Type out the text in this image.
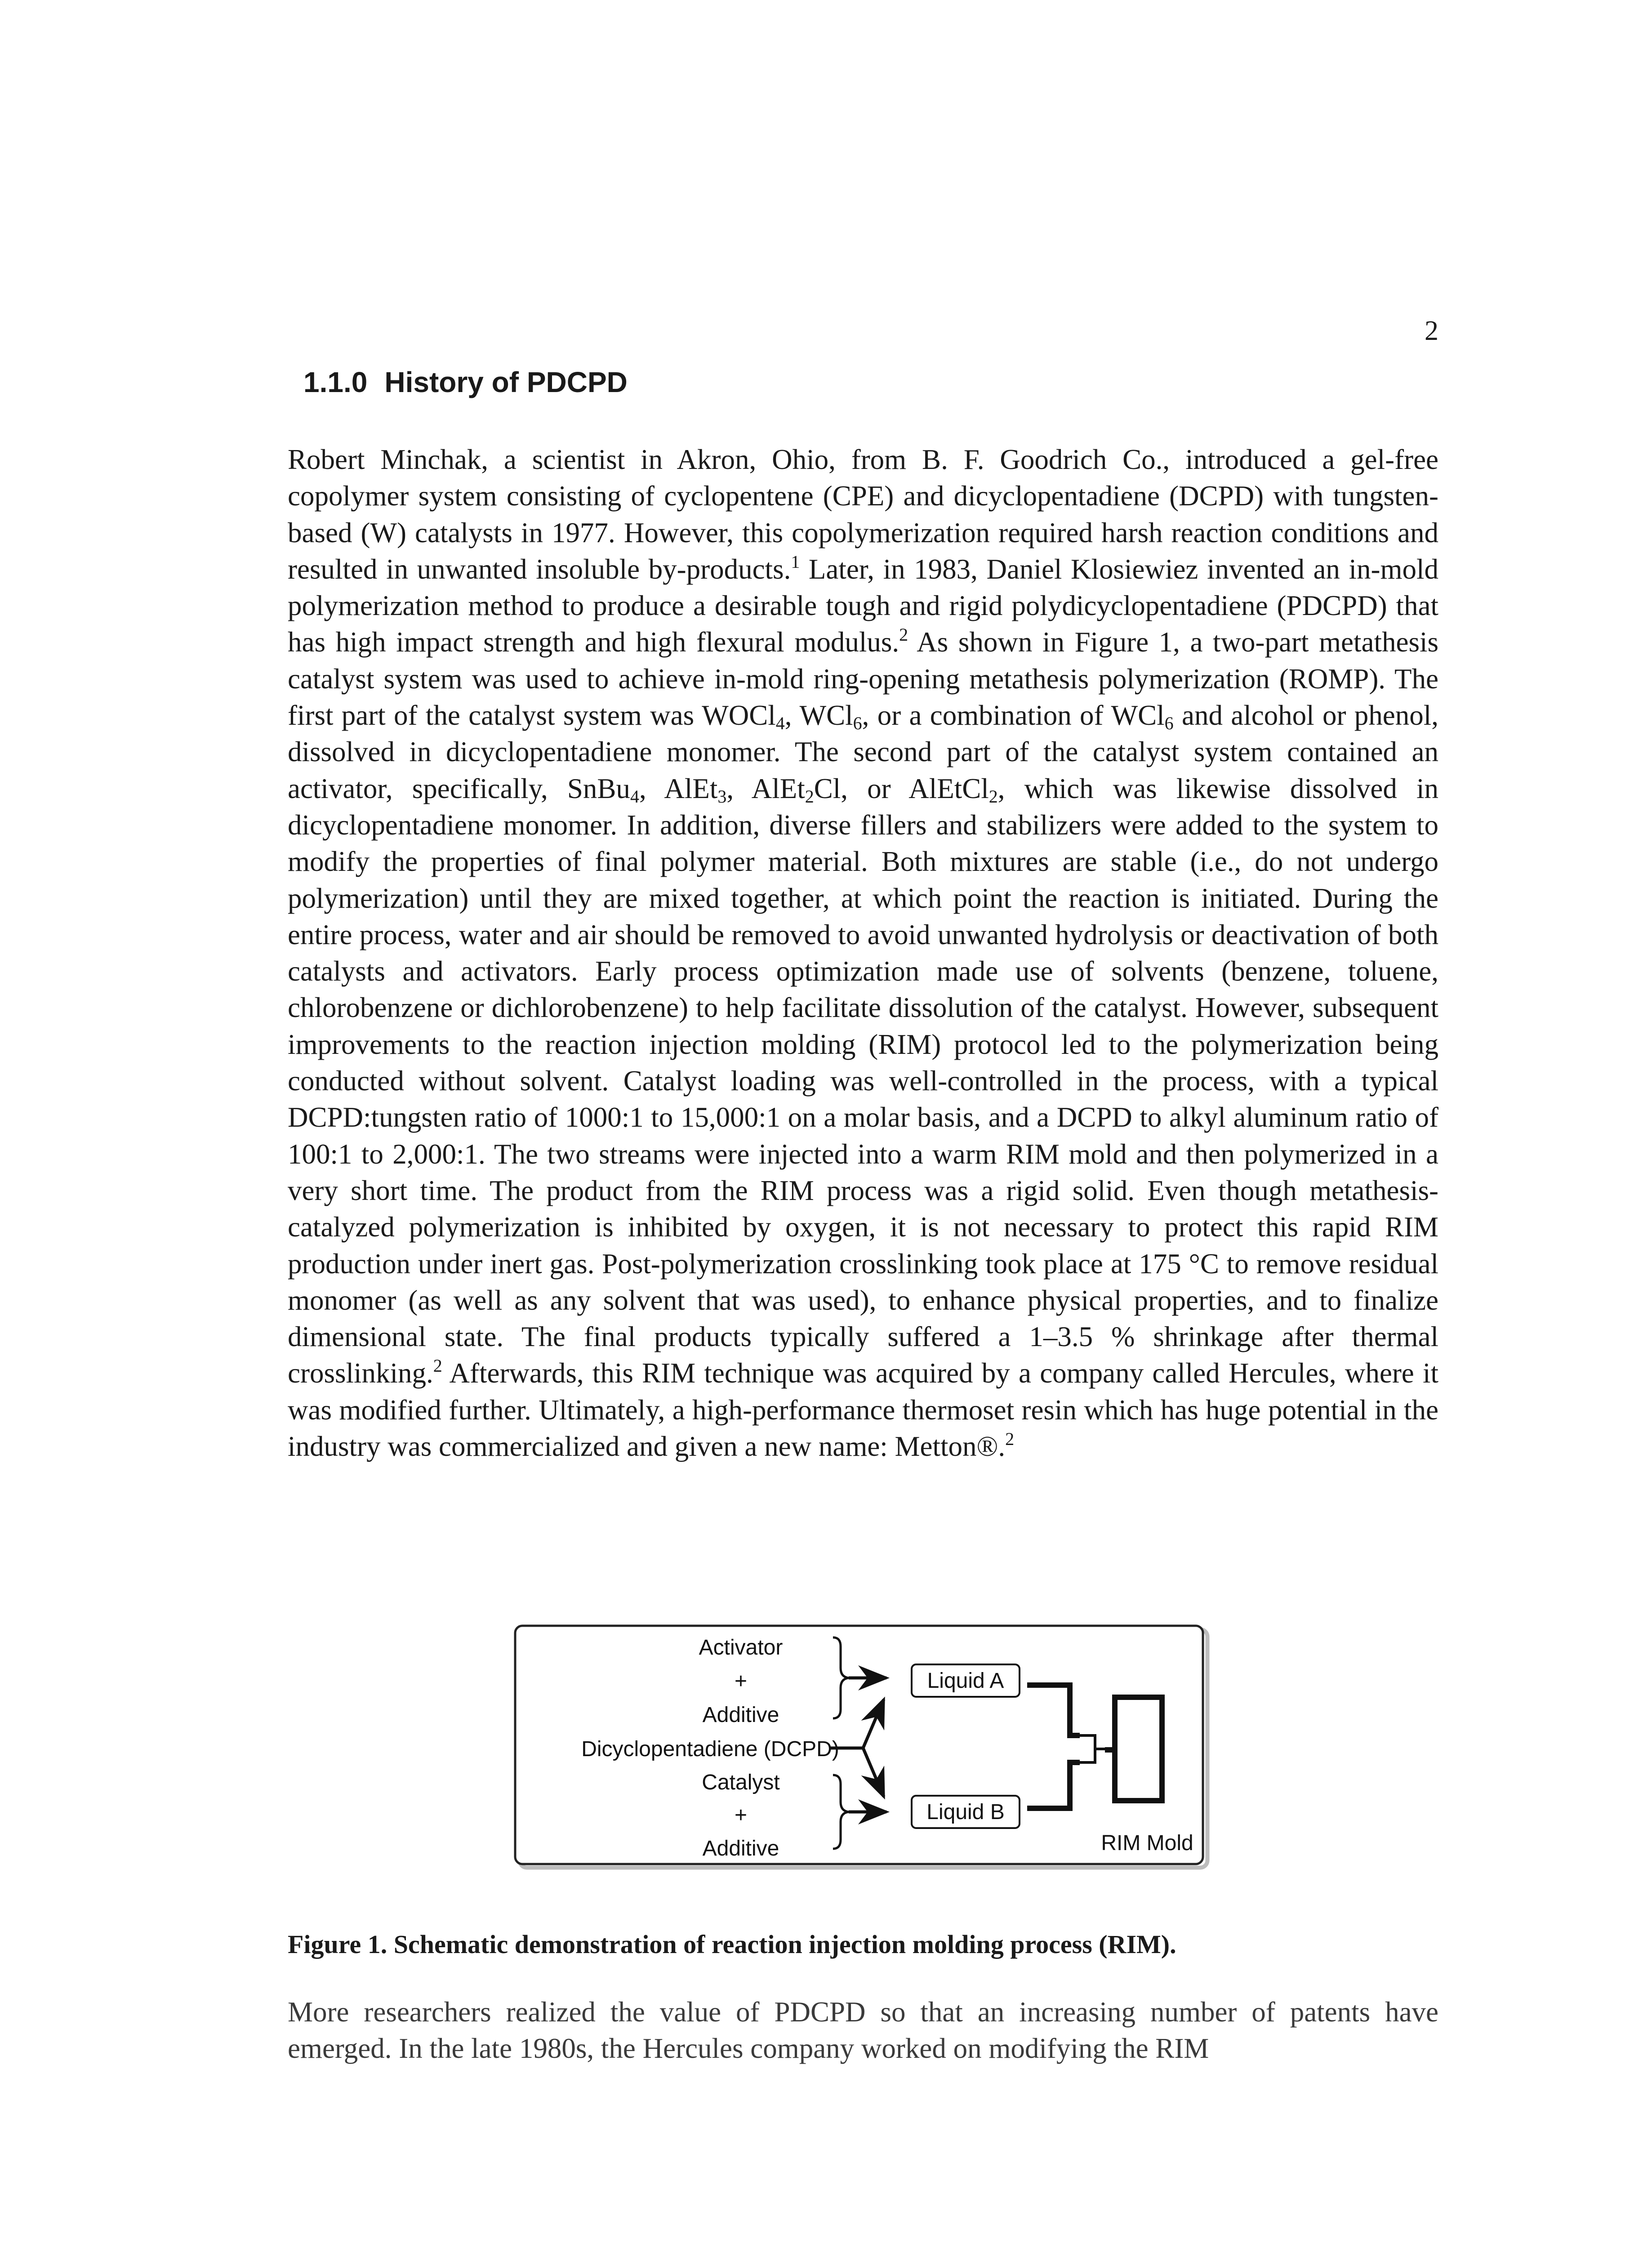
2
1.1.0 History of PDCPD

Robert Minchak, a scientist in Akron, Ohio, from B. F. Goodrich Co., introduced a gel-free copolymer system consisting of cyclopentene (CPE) and dicyclopentadiene (DCPD) with tungsten-based (W) catalysts in 1977. However, this copolymerization required harsh reaction conditions and resulted in unwanted insoluble by-products.$^1$ Later, in 1983, Daniel Klosiewiez invented an in-mold polymerization method to produce a desirable tough and rigid polydicyclopentadiene (PDCPD) that has high impact strength and high flexural modulus.$^2$ As shown in Figure 1, a two-part metathesis catalyst system was used to achieve in-mold ring-opening metathesis polymerization (ROMP). The first part of the catalyst system was WOCl$_4$, WCl$_6$, or a combination of WCl$_6$ and alcohol or phenol, dissolved in dicyclopentadiene monomer. The second part of the catalyst system contained an activator, specifically, SnBu$_4$, AlEt$_3$, AlEt$_2$Cl, or AlEtCl$_2$, which was likewise dissolved in dicyclopentadiene monomer. In addition, diverse fillers and stabilizers were added to the system to modify the properties of final polymer material. Both mixtures are stable (i.e., do not undergo polymerization) until they are mixed together, at which point the reaction is initiated. During the entire process, water and air should be removed to avoid unwanted hydrolysis or deactivation of both catalysts and activators. Early process optimization made use of solvents (benzene, toluene, chlorobenzene or dichlorobenzene) to help facilitate dissolution of the catalyst. However, subsequent improvements to the reaction injection molding (RIM) protocol led to the polymerization being conducted without solvent. Catalyst loading was well-controlled in the process, with a typical DCPD:tungsten ratio of 1000:1 to 15,000:1 on a molar basis, and a DCPD to alkyl aluminum ratio of 100:1 to 2,000:1. The two streams were injected into a warm RIM mold and then polymerized in a very short time. The product from the RIM process was a rigid solid. Even though metathesis-catalyzed polymerization is inhibited by oxygen, it is not necessary to protect this rapid RIM production under inert gas. Post-polymerization crosslinking took place at 175 °C to remove residual monomer (as well as any solvent that was used), to enhance physical properties, and to finalize dimensional state. The final products typically suffered a 1–3.5 % shrinkage after thermal crosslinking.$^2$ Afterwards, this RIM technique was acquired by a company called Hercules, where it was modified further. Ultimately, a high-performance thermoset resin which has huge potential in the industry was commercialized and given a new name: Metton®.$^2$

Activator
+
Additive
Dicyclopentadiene (DCPD)
Catalyst
+
Additive
Liquid A
Liquid B
RIM Mold

Figure 1. Schematic demonstration of reaction injection molding process (RIM).

More researchers realized the value of PDCPD so that an increasing number of patents have emerged. In the late 1980s, the Hercules company worked on modifying the RIM
